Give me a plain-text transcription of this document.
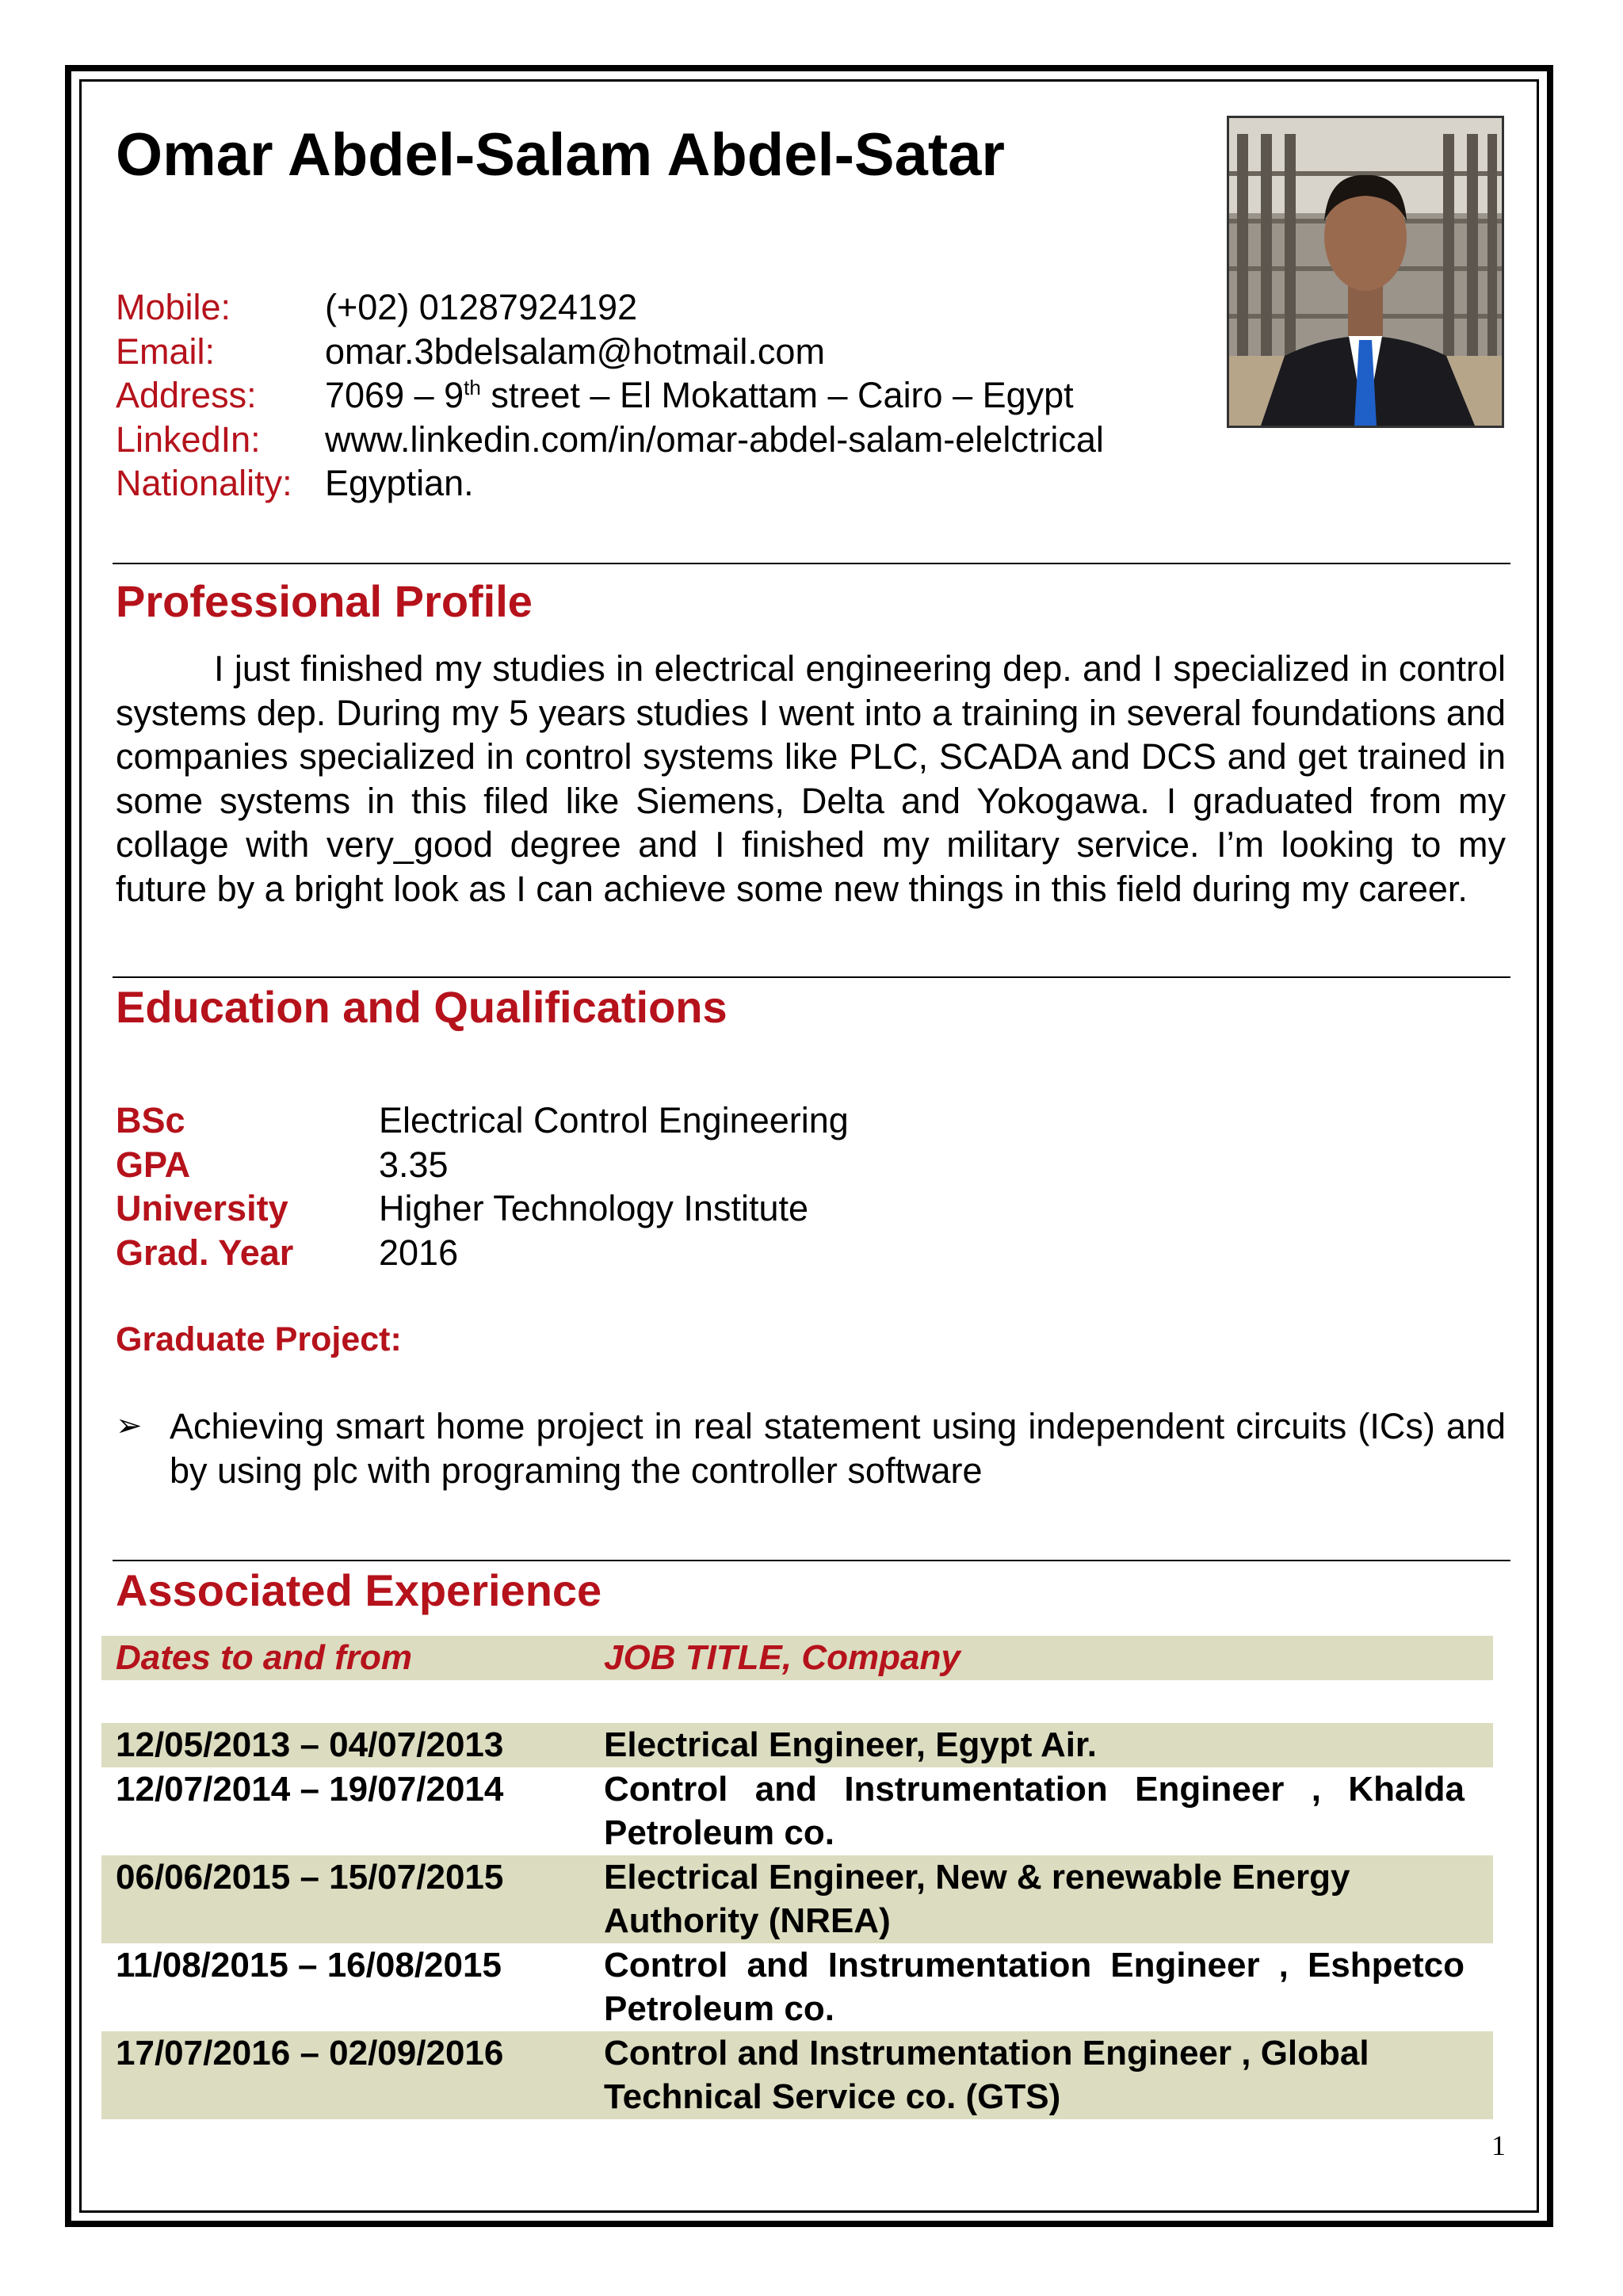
Omar Abdel-Salam Abdel-Satar
Mobile:	(+02) 01287924192
Email:	omar.3bdelsalam@hotmail.com
Address:	7069 – 9th street – El Mokattam – Cairo – Egypt
LinkedIn:	www.linkedin.com/in/omar-abdel-salam-elelctrical
Nationality: Egyptian.
Professional Profile

I just finished my studies in electrical engineering dep. and I specialized in control systems dep. During my 5 years studies I went into a training in several foundations and companies specialized in control systems like PLC, SCADA and DCS and get trained in some systems in this filed like Siemens, Delta and Yokogawa. I graduated from my collage with very_good degree and I finished my military service. I’m looking to my future by a bright look as I can achieve some new things in this field during my career.

Education and Qualifications
BSc	Electrical Control Engineering
GPA	3.35
University	Higher Technology Institute
Grad. Year	2016
Graduate Project:
➢ Achieving smart home project in real statement using independent circuits (ICs) and by using plc with programing the controller software
Associated Experience
Dates to and from	JOB TITLE, Company
12/05/2013 – 04/07/2013	Electrical Engineer, Egypt Air.
12/07/2014 – 19/07/2014	Control and Instrumentation Engineer , Khalda Petroleum co.
06/06/2015 – 15/07/2015	Electrical Engineer, New & renewable Energy Authority (NREA)
11/08/2015 – 16/08/2015	Control and Instrumentation Engineer , Eshpetco Petroleum co.
17/07/2016 – 02/09/2016	Control and Instrumentation Engineer , Global Technical Service co. (GTS)
1
